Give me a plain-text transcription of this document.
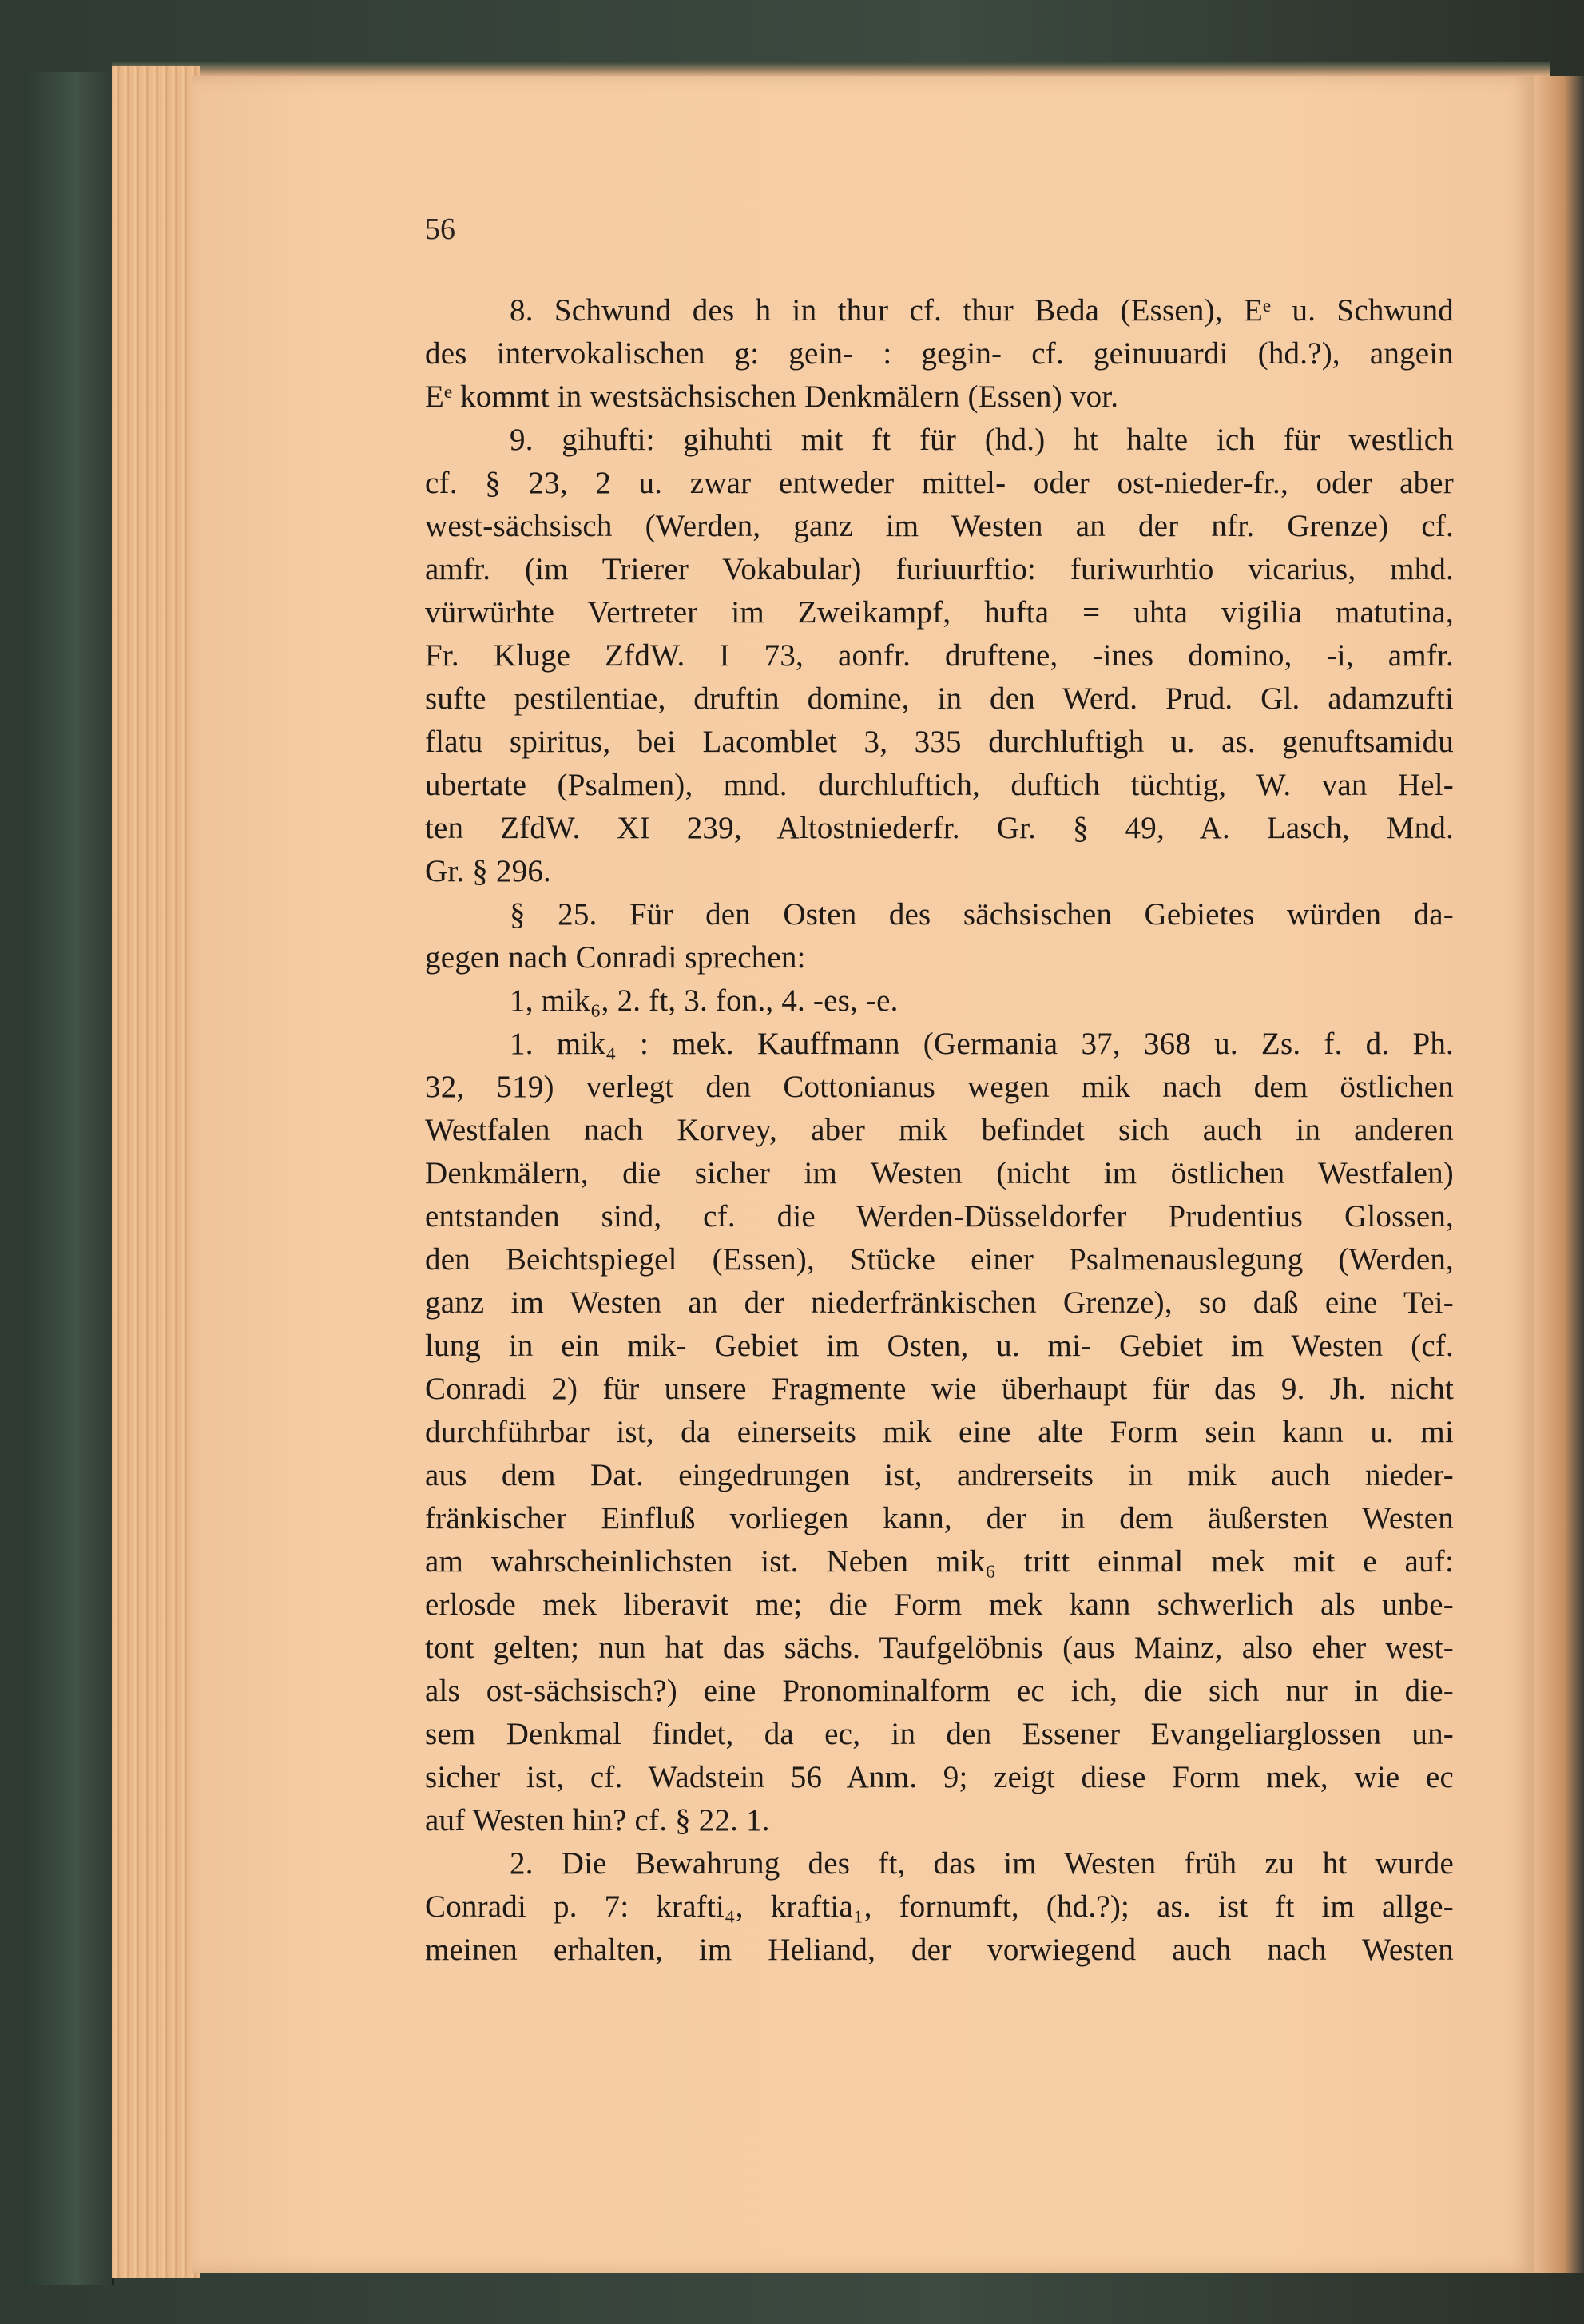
56
8. Schwund des h in thur cf. thur Beda (Essen), Eᵉ u. Schwund
des intervokalischen g: gein- : gegin- cf. geinuuardi (hd.?), angein
Eᵉ kommt in westsächsischen Denkmälern (Essen) vor.
9. gihufti: gihuhti mit ft für (hd.) ht halte ich für westlich
cf. § 23, 2 u. zwar entweder mittel- oder ost-nieder-fr., oder aber
west-sächsisch (Werden, ganz im Westen an der nfr. Grenze) cf.
amfr. (im Trierer Vokabular) furiuurftio: furiwurhtio vicarius, mhd.
vürwürhte Vertreter im Zweikampf, hufta = uhta vigilia matutina,
Fr. Kluge ZfdW. I 73, aonfr. druftene, -ines domino, -i, amfr.
sufte pestilentiae, druftin domine, in den Werd. Prud. Gl. adamzufti
flatu spiritus, bei Lacomblet 3, 335 durchluftigh u. as. genuftsamidu
ubertate (Psalmen), mnd. durchluftich, duftich tüchtig, W. van Hel-
ten ZfdW. XI 239, Altostniederfr. Gr. § 49, A. Lasch, Mnd.
Gr. § 296.
§ 25. Für den Osten des sächsischen Gebietes würden da-
gegen nach Conradi sprechen:
1, mik₆, 2. ft, 3. fon., 4. -es, -e.
1. mik₄ : mek. Kauffmann (Germania 37, 368 u. Zs. f. d. Ph.
32, 519) verlegt den Cottonianus wegen mik nach dem östlichen
Westfalen nach Korvey, aber mik befindet sich auch in anderen
Denkmälern, die sicher im Westen (nicht im östlichen Westfalen)
entstanden sind, cf. die Werden-Düsseldorfer Prudentius Glossen,
den Beichtspiegel (Essen), Stücke einer Psalmenauslegung (Werden,
ganz im Westen an der niederfränkischen Grenze), so daß eine Tei-
lung in ein mik- Gebiet im Osten, u. mi- Gebiet im Westen (cf.
Conradi 2) für unsere Fragmente wie überhaupt für das 9. Jh. nicht
durchführbar ist, da einerseits mik eine alte Form sein kann u. mi
aus dem Dat. eingedrungen ist, andrerseits in mik auch nieder-
fränkischer Einfluß vorliegen kann, der in dem äußersten Westen
am wahrscheinlichsten ist. Neben mik₆ tritt einmal mek mit e auf:
erlosde mek liberavit me; die Form mek kann schwerlich als unbe-
tont gelten; nun hat das sächs. Taufgelöbnis (aus Mainz, also eher west-
als ost-sächsisch?) eine Pronominalform ec ich, die sich nur in die-
sem Denkmal findet, da ec, in den Essener Evangeliarglossen un-
sicher ist, cf. Wadstein 56 Anm. 9; zeigt diese Form mek, wie ec
auf Westen hin? cf. § 22. 1.
2. Die Bewahrung des ft, das im Westen früh zu ht wurde
Conradi p. 7: krafti₄, kraftia₁, fornumft, (hd.?); as. ist ft im allge-
meinen erhalten, im Heliand, der vorwiegend auch nach Westen
